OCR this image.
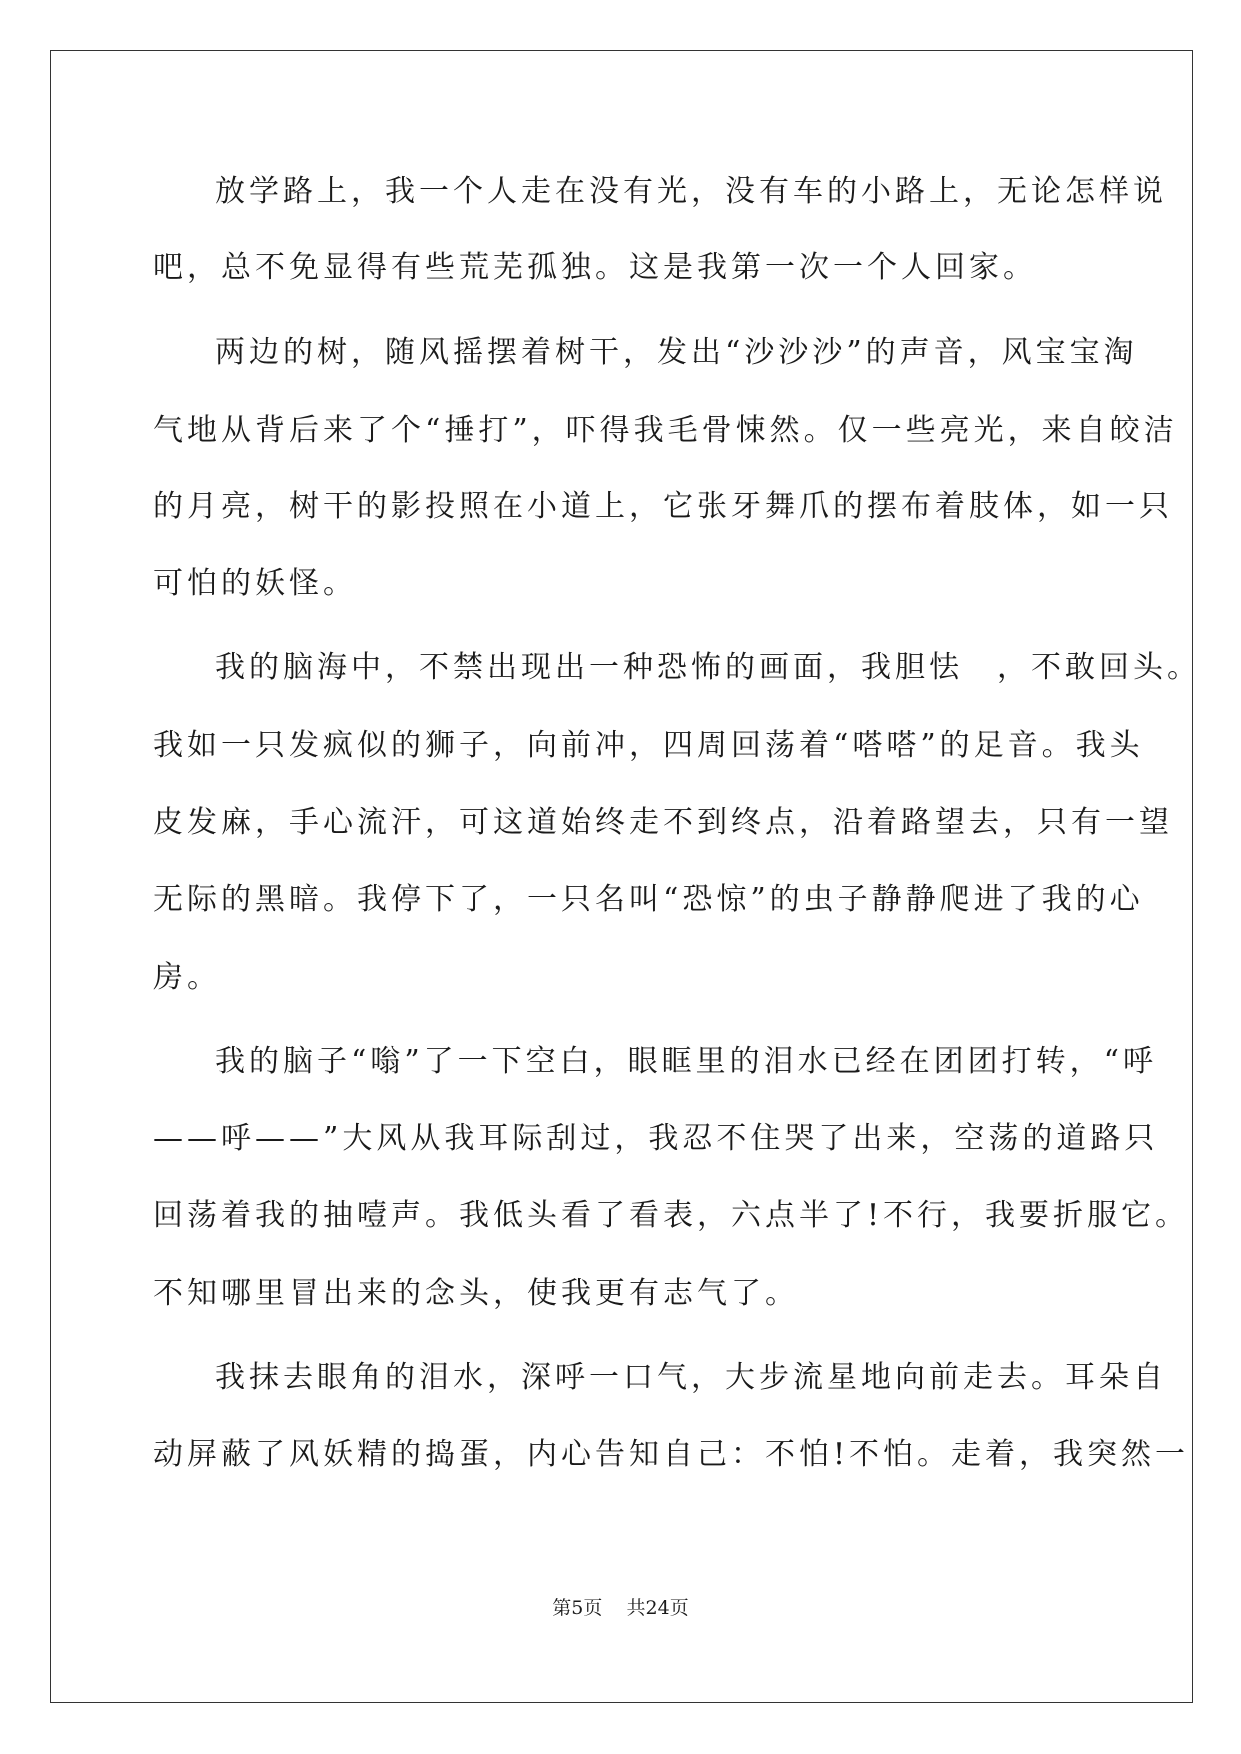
放学路上，我一个人走在没有光，没有车的小路上，无论怎样说
吧，总不免显得有些荒芜孤独。这是我第一次一个人回家。
两边的树，随风摇摆着树干，发出“沙沙沙”的声音，风宝宝淘
气地从背后来了个“捶打”，吓得我毛骨悚然。仅一些亮光，来自皎洁
的月亮，树干的影投照在小道上，它张牙舞爪的摆布着肢体，如一只
可怕的妖怪。
我的脑海中，不禁出现出一种恐怖的画面，我胆怯　，不敢回头。
我如一只发疯似的狮子，向前冲，四周回荡着“嗒嗒”的足音。我头
皮发麻，手心流汗，可这道始终走不到终点，沿着路望去，只有一望
无际的黑暗。我停下了，一只名叫“恐惊”的虫子静静爬进了我的心
房。
我的脑子“嗡”了一下空白，眼眶里的泪水已经在团团打转，“呼
——呼——”大风从我耳际刮过，我忍不住哭了出来，空荡的道路只
回荡着我的抽噎声。我低头看了看表，六点半了!不行，我要折服它。
不知哪里冒出来的念头，使我更有志气了。
我抹去眼角的泪水，深呼一口气，大步流星地向前走去。耳朵自
动屏蔽了风妖精的捣蛋，内心告知自己：不怕!不怕。走着，我突然一
第5页 共24页
